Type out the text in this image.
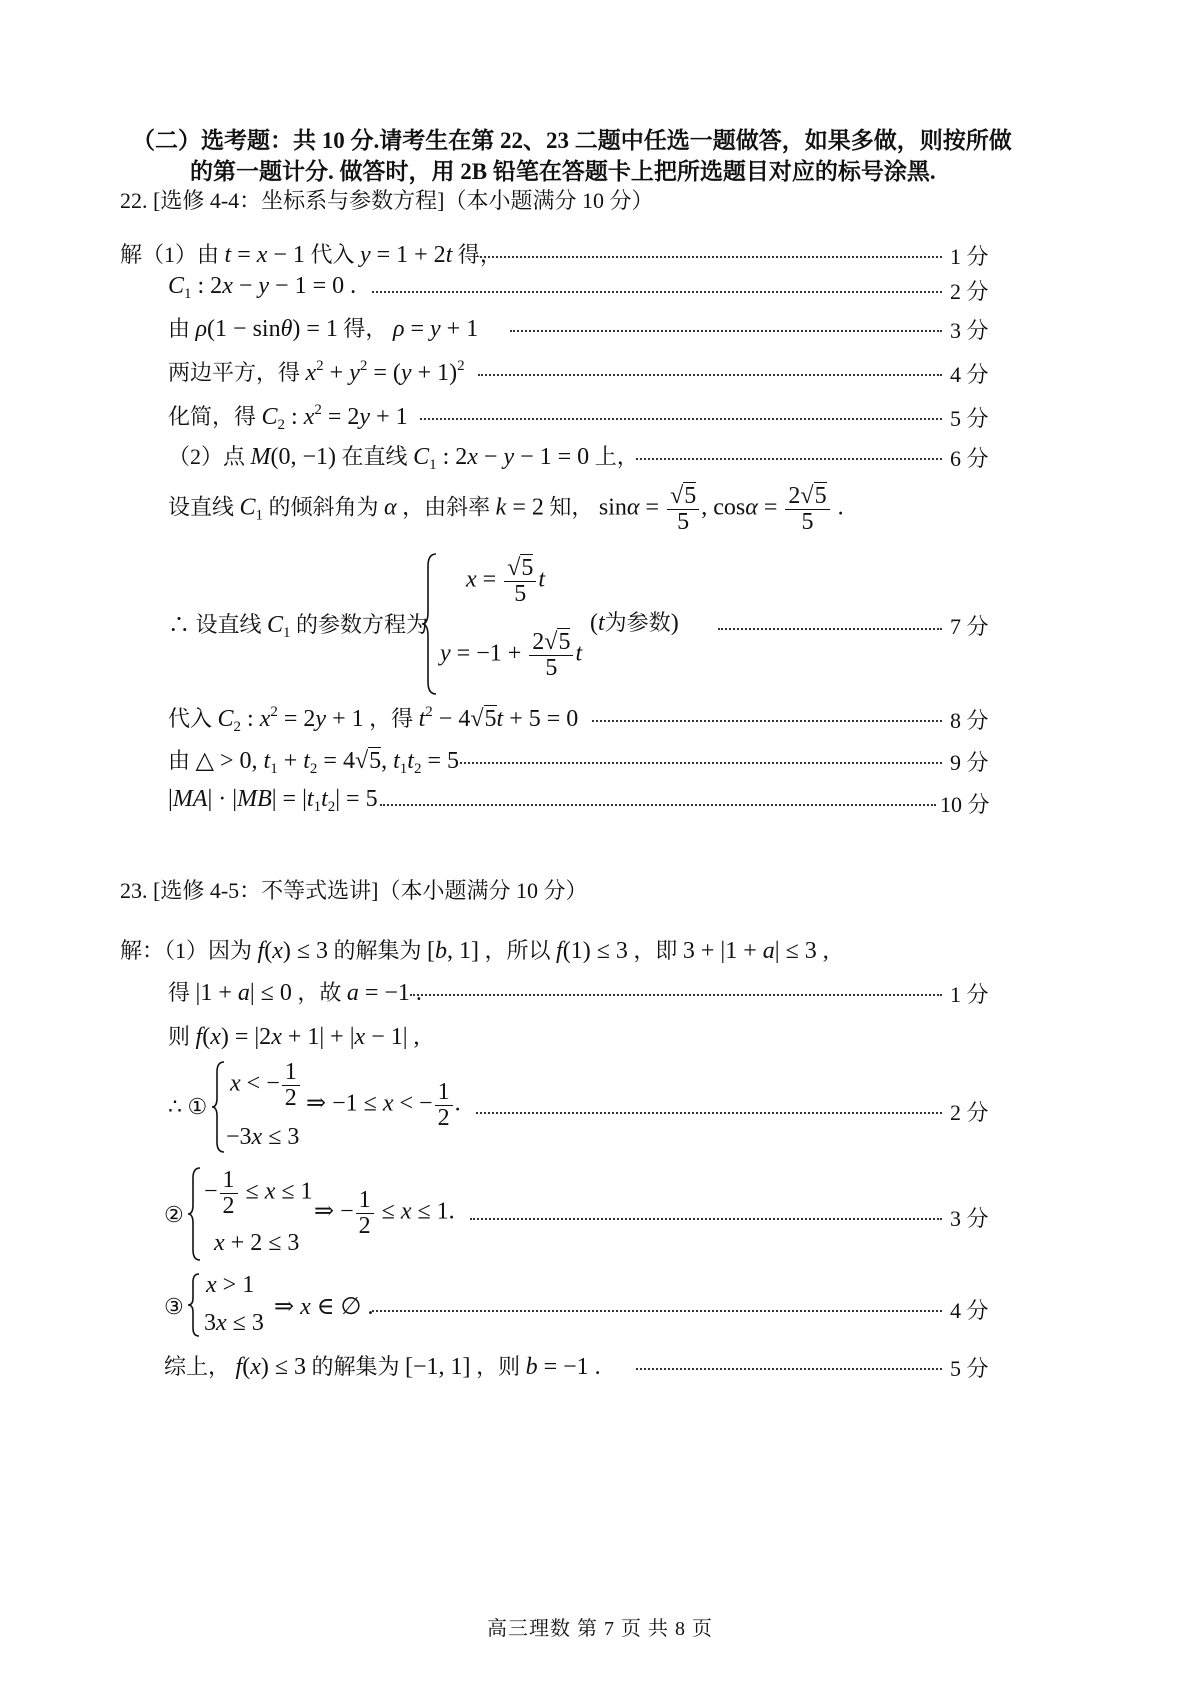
（二）选考题：共 10 分.请考生在第 22、23 二题中任选一题做答，如果多做，则按所做
的第一题计分. 做答时，用 2B 铅笔在答题卡上把所选题目对应的标号涂黑.
22. [选修 4-4：坐标系与参数方程]（本小题满分 10 分）
解（1）由 t = x − 1 代入 y = 1 + 2t 得，	1 分
$C_1$ : 2x − y − 1 = 0 .	2 分
由 ρ(1 − sinθ) = 1 得， ρ = y + 1	3 分
两边平方，得 $x^2 + y^2 = (y + 1)^2$	4 分
化简，得 $C_2$ : $x^2 = 2y + 1$	5 分
（2）点 M(0, −1) 在直线 $C_1$ : 2x − y − 1 = 0 上，	6 分
设直线 $C_1$ 的倾斜角为 α ，由斜率 k = 2 知， $\sin\alpha = \frac{√5}{5}$ , $\cos\alpha = \frac{2√5}{5}$ .
∴ 设直线 $C_1$ 的参数方程为
$x = \frac{√5}{5}$ t
$y = -1 + \frac{2√5}{5}$ t
(t为参数)	7 分
代入 $C_2$ : $x^2 = 2y + 1$ ，得 $t^2 - 4√5t + 5 = 0$	8 分
由 △ > 0, $t_1 + t_2 = 4√5$, $t_1t_2 = 5$	9 分
$|MA| \cdot |MB| = |t_1t_2| = 5$	10 分
23. [选修 4-5：不等式选讲]（本小题满分 10 分）
解：（1）因为 f(x) ≤ 3 的解集为 [b, 1] ，所以 f(1) ≤ 3 ，即 3 + |1 + a| ≤ 3 ,
得 |1 + a| ≤ 0 ，故 a = −1 .	1 分
则 f(x) = |2x + 1| + |x − 1| ,
∴ ①
x < − $\frac{1}{2}$
−3x ≤ 3
⇒ −1 ≤ x < − $\frac{1}{2}$ .	2 分
②
− $\frac{1}{2} \le x \le 1$
x + 2 ≤ 3
⇒ − $\frac{1}{2} \le x \le 1$.	3 分
③
x > 1
3x ≤ 3
⇒ x ∈ ∅ .	4 分
综上， f(x) ≤ 3 的解集为 [−1, 1] ，则 b = −1 .	5 分
高三理数 第 7 页 共 8 页
